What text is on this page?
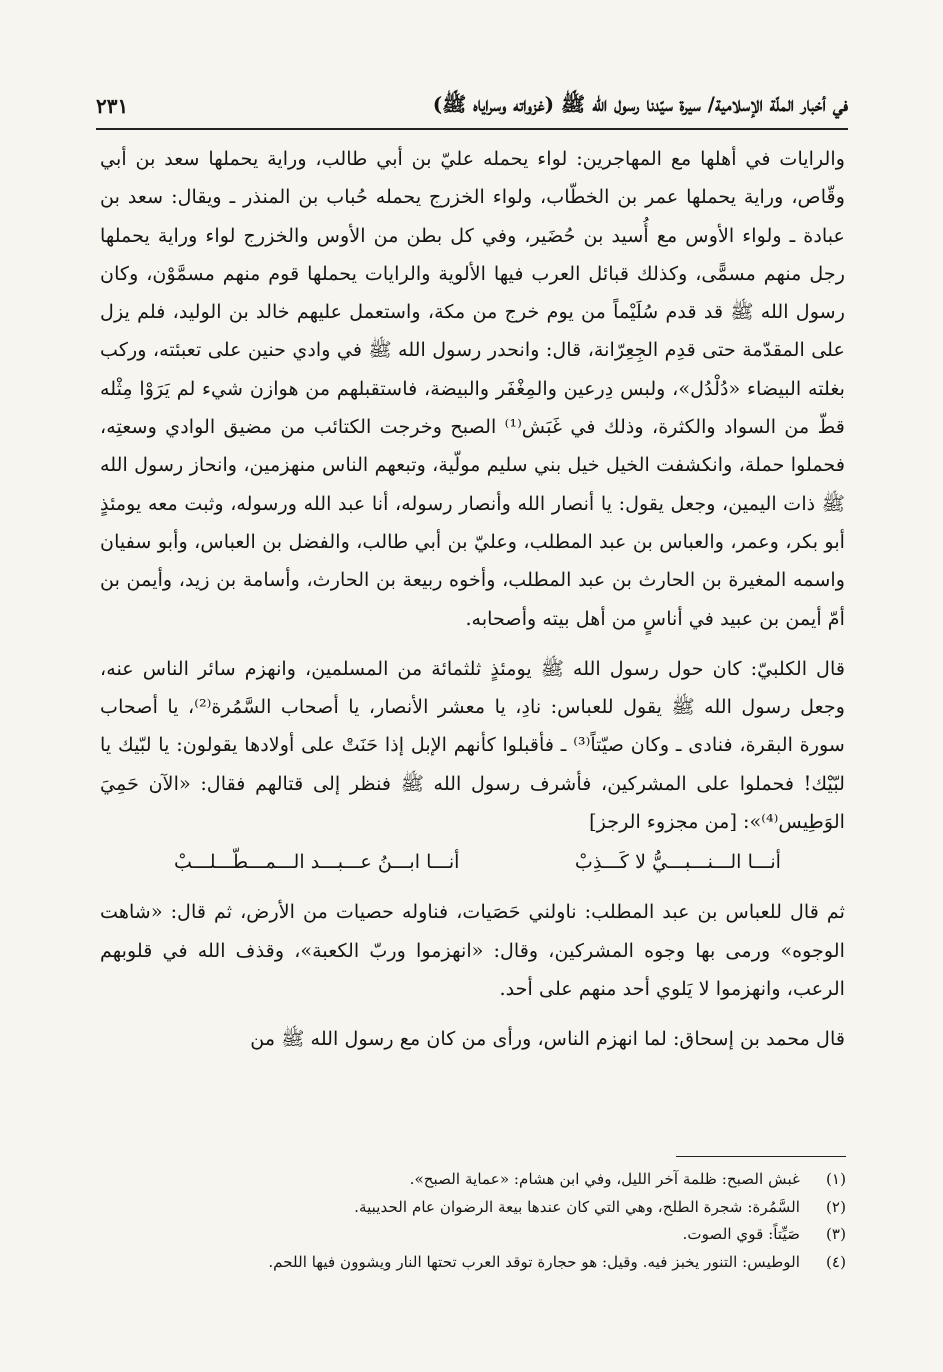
في أخبار الملّة الإسلامية/ سيرة سيّدنا رسول الله ﷺ (غزواته وسراياه ﷺ)
٢٣١

والرايات في أهلها مع المهاجرين: لواء يحمله عليّ بن أبي طالب، وراية يحملها سعد بن أبي وقّاص، وراية يحملها عمر بن الخطّاب، ولواء الخزرج يحمله حُباب بن المنذر ـ ويقال: سعد بن عبادة ـ ولواء الأوس مع أُسيد بن حُضَير، وفي كل بطن من الأوس والخزرج لواء وراية يحملها رجل منهم مسمًّى، وكذلك قبائل العرب فيها الألوية والرايات يحملها قوم منهم مسمَّوْن، وكان رسول الله ﷺ قد قدم سُلَيْماً من يوم خرج من مكة، واستعمل عليهم خالد بن الوليد، فلم يزل على المقدّمة حتى قدِم الجِعِرّانة، قال: وانحدر رسول الله ﷺ في وادي حنين على تعبئته، وركب بغلته البيضاء «دُلْدُل»، ولبس دِرعين والمِغْفَر والبيضة، فاستقبلهم من هوازن شيء لم يَرَوْا مِثْله قطّ من السواد والكثرة، وذلك في غَبَش⁽¹⁾ الصبح وخرجت الكتائب من مضيق الوادي وسعتِه، فحملوا حملة، وانكشفت الخيل خيل بني سليم مولّية، وتبعهم الناس منهزمين، وانحاز رسول الله ﷺ ذات اليمين، وجعل يقول: يا أنصار الله وأنصار رسوله، أنا عبد الله ورسوله، وثبت معه يومئذٍ أبو بكر، وعمر، والعباس بن عبد المطلب، وعليّ بن أبي طالب، والفضل بن العباس، وأبو سفيان واسمه المغيرة بن الحارث بن عبد المطلب، وأخوه ربيعة بن الحارث، وأسامة بن زيد، وأيمن بن أمّ أيمن بن عبيد في أناسٍ من أهل بيته وأصحابه.

قال الكلبيّ: كان حول رسول الله ﷺ يومئذٍ ثلثمائة من المسلمين، وانهزم سائر الناس عنه، وجعل رسول الله ﷺ يقول للعباس: نادِ، يا معشر الأنصار، يا أصحاب السَّمُرة⁽²⁾، يا أصحاب سورة البقرة، فنادى ـ وكان صيّتاً⁽³⁾ ـ فأقبلوا كأنهم الإبل إذا حَنَتْ على أولادها يقولون: يا لبّيك يا لبّيْك! فحملوا على المشركين، فأشرف رسول الله ﷺ فنظر إلى قتالهم فقال: «الآن حَمِيَ الوَطِيس⁽⁴⁾»: [من مجزوء الرجز]

أنـــا الـــنـــبـــيُّ لا كَـــذِبْ
أنـــا ابـــنُ عـــبـــد الـــمـــطّـــلـــبْ

ثم قال للعباس بن عبد المطلب: ناولني حَصَيات، فناوله حصيات من الأرض، ثم قال: «شاهت الوجوه» ورمى بها وجوه المشركين، وقال: «انهزموا وربّ الكعبة»، وقذف الله في قلوبهم الرعب، وانهزموا لا يَلوي أحد منهم على أحد.

قال محمد بن إسحاق: لما انهزم الناس، ورأى من كان مع رسول الله ﷺ من

(١)
غبش الصبح: ظلمة آخر الليل، وفي ابن هشام: «عماية الصبح».
(٢)
السَّمُرة: شجرة الطلح، وهي التي كان عندها بيعة الرضوان عام الحديبية.
(٣)
صَيِّتاً: قوي الصوت.
(٤)
الوطيس: التنور يخبز فيه. وقيل: هو حجارة توقد العرب تحتها النار ويشوون فيها اللحم.
